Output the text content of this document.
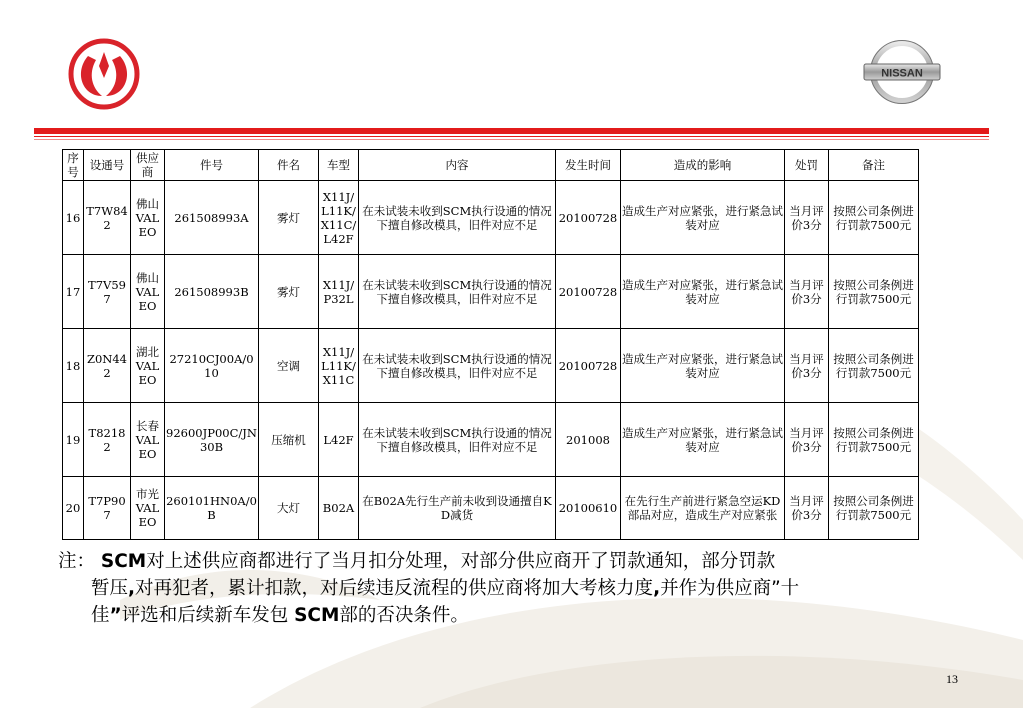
NISSAN
序号	设通号	供应商	件号	件名	车型	内容	发生时间	造成的影响	处罚	备注
16	T7W842	佛山VALEO	261508993A	雾灯	X11J/L11K/X11C/L42F	在未试装未收到SCM执行设通的情况下擅自修改模具，旧件对应不足	20100728	造成生产对应紧张，进行紧急试装对应	当月评价3分	按照公司条例进行罚款7500元
17	T7V597	佛山VALEO	261508993B	雾灯	X11J/P32L	在未试装未收到SCM执行设通的情况下擅自修改模具，旧件对应不足	20100728	造成生产对应紧张，进行紧急试装对应	当月评价3分	按照公司条例进行罚款7500元
18	Z0N442	湖北VALEO	27210CJ00A/010	空调	X11J/L11K/X11C	在未试装未收到SCM执行设通的情况下擅自修改模具，旧件对应不足	20100728	造成生产对应紧张，进行紧急试装对应	当月评价3分	按照公司条例进行罚款7500元
19	T82182	长春VALEO	92600JP00C/JN30B	压缩机	L42F	在未试装未收到SCM执行设通的情况下擅自修改模具，旧件对应不足	201008	造成生产对应紧张，进行紧急试装对应	当月评价3分	按照公司条例进行罚款7500元
20	T7P907	市光VALEO	260101HN0A/0B	大灯	B02A	在B02A先行生产前未收到设通擅自KD减货	20100610	在先行生产前进行紧急空运KD部品对应，造成生产对应紧张	当月评价3分	按照公司条例进行罚款7500元
注： SCM对上述供应商都进行了当月扣分处理，对部分供应商开了罚款通知，部分罚款
暂压,对再犯者，累计扣款，对后续违反流程的供应商将加大考核力度,并作为供应商”十
佳”评选和后续新车发包 SCM部的否决条件。
13
